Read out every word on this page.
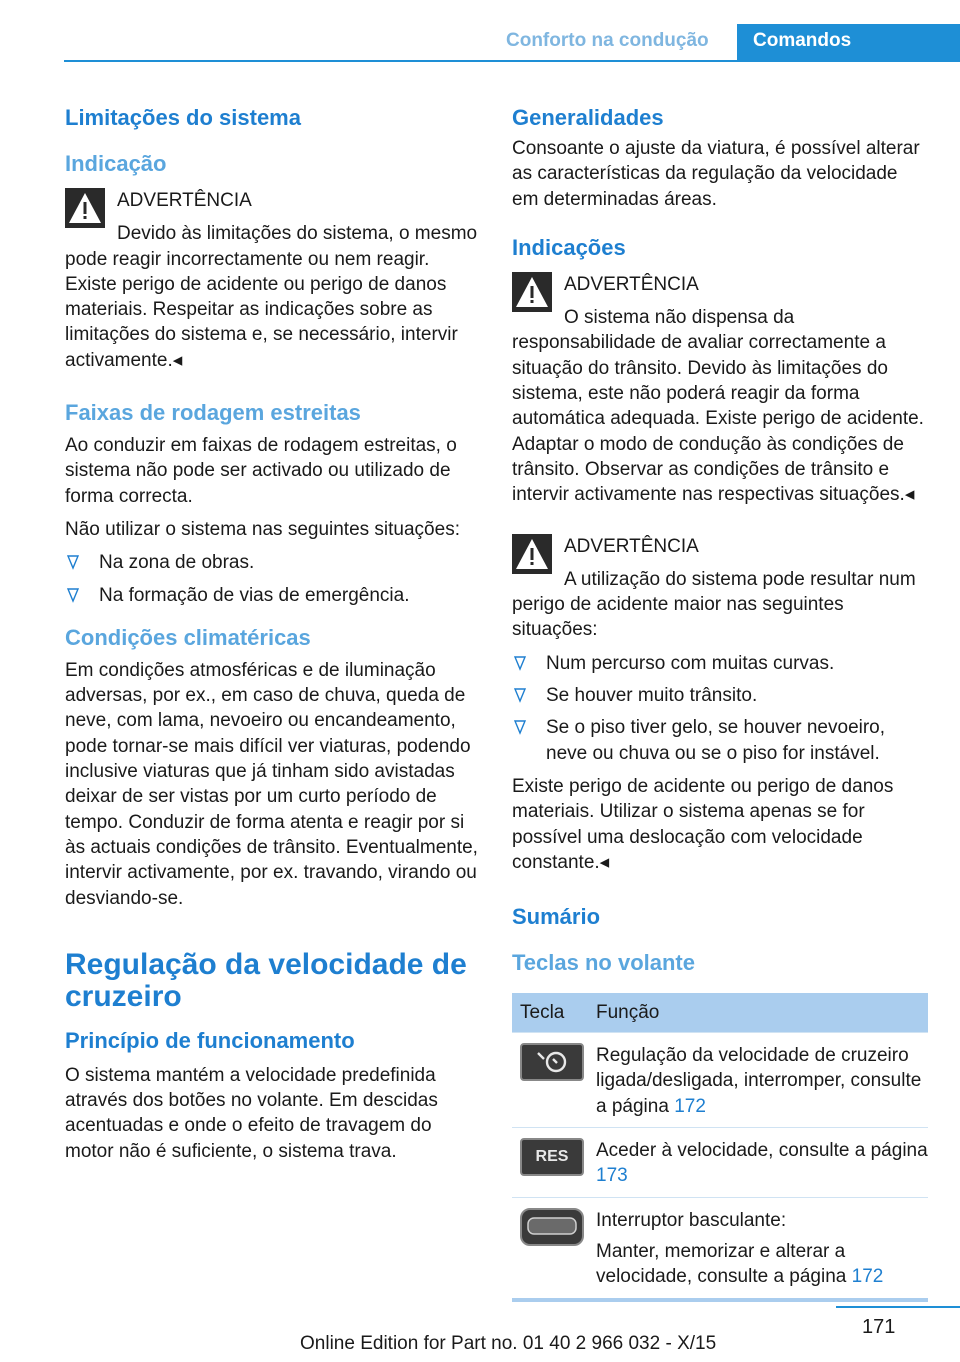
Conforto na condução	Comandos
Limitações do sistema
Indicação
ADVERTÊNCIA
Devido às limitações do sistema, o mesmo pode reagir incorrectamente ou nem reagir. Existe perigo de acidente ou perigo de danos materiais. Respeitar as indicações sobre as limitações do sistema e, se necessário, intervir activamente.◂
Faixas de rodagem estreitas

Ao conduzir em faixas de rodagem estreitas, o sistema não pode ser activado ou utilizado de forma correcta.

Não utilizar o sistema nas seguintes situações:

Na zona de obras.
Na formação de vias de emergência.
Condições climatéricas

Em condições atmosféricas e de iluminação adversas, por ex., em caso de chuva, queda de neve, com lama, nevoeiro ou encandeamento, pode tornar-se mais difícil ver viaturas, podendo inclusive viaturas que já tinham sido avistadas deixar de ser vistas por um curto período de tempo. Conduzir de forma atenta e reagir por si às actuais condições de trânsito. Eventualmente, intervir activamente, por ex. travando, virando ou desviando-se.

Regulação da velocidade de cruzeiro
Princípio de funcionamento

O sistema mantém a velocidade predefinida através dos botões no volante. Em descidas acentuadas e onde o efeito de travagem do motor não é suficiente, o sistema trava.

Generalidades

Consoante o ajuste da viatura, é possível alterar as características da regulação da velocidade em determinadas áreas.

Indicações
ADVERTÊNCIA
O sistema não dispensa da responsabilidade de avaliar correctamente a situação do trânsito. Devido às limitações do sistema, este não poderá reagir da forma automática adequada. Existe perigo de acidente. Adaptar o modo de condução às condições de trânsito. Observar as condições de trânsito e intervir activamente nas respectivas situações.◂
ADVERTÊNCIA
A utilização do sistema pode resultar num perigo de acidente maior nas seguintes situações:
Num percurso com muitas curvas.
Se houver muito trânsito.
Se o piso tiver gelo, se houver nevoeiro, neve ou chuva ou se o piso for instável.

Existe perigo de acidente ou perigo de danos materiais. Utilizar o sistema apenas se for possível uma deslocação com velocidade constante.◂

Sumário
Teclas no volante
Tecla	Função
Regulação da velocidade de cruzeiro ligada/desligada, interromper, consulte a página 172
RES	Aceder à velocidade, consulte a página 173

Interruptor basculante:

Manter, memorizar e alterar a velocidade, consulte a página 172
171
Online Edition for Part no. 01 40 2 966 032 - X/15
